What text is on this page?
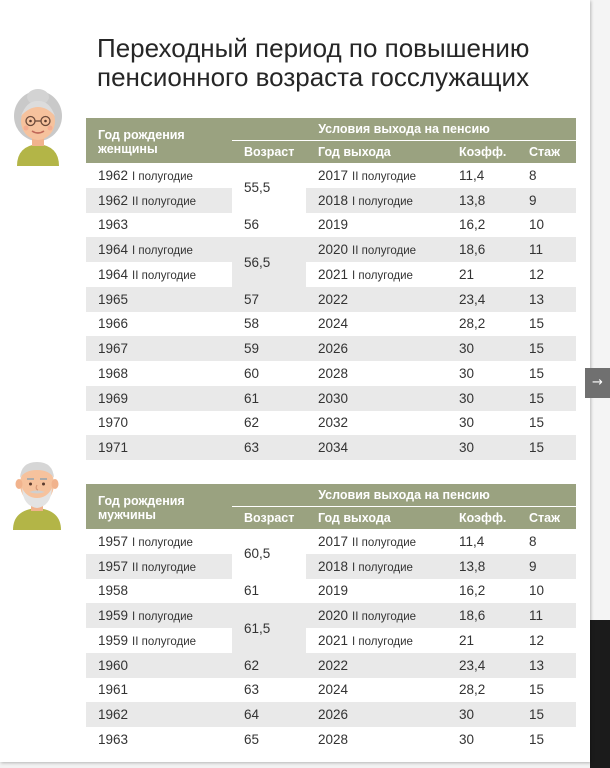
→
Переходный период по повышению пенсионного возраста госслужащих
Год рождения
женщины	Условия выхода на пенсию			
	Возраст	Год выхода	Коэфф.	Стаж
1962 I полугодие	55,5	2017 II полугодие	11,4	8
1962 II полугодие		2018 I полугодие	13,8	9
1963	56	2019	16,2	10
1964 I полугодие	56,5	2020 II полугодие	18,6	11
1964 II полугодие		2021 I полугодие	21	12
1965	57	2022	23,4	13
1966	58	2024	28,2	15
1967	59	2026	30	15
1968	60	2028	30	15
1969	61	2030	30	15
1970	62	2032	30	15
1971	63	2034	30	15
Год рождения
мужчины	Условия выхода на пенсию			
	Возраст	Год выхода	Коэфф.	Стаж
1957 I полугодие	60,5	2017 II полугодие	11,4	8
1957 II полугодие		2018 I полугодие	13,8	9
1958	61	2019	16,2	10
1959 I полугодие	61,5	2020 II полугодие	18,6	11
1959 II полугодие		2021 I полугодие	21	12
1960	62	2022	23,4	13
1961	63	2024	28,2	15
1962	64	2026	30	15
1963	65	2028	30	15
